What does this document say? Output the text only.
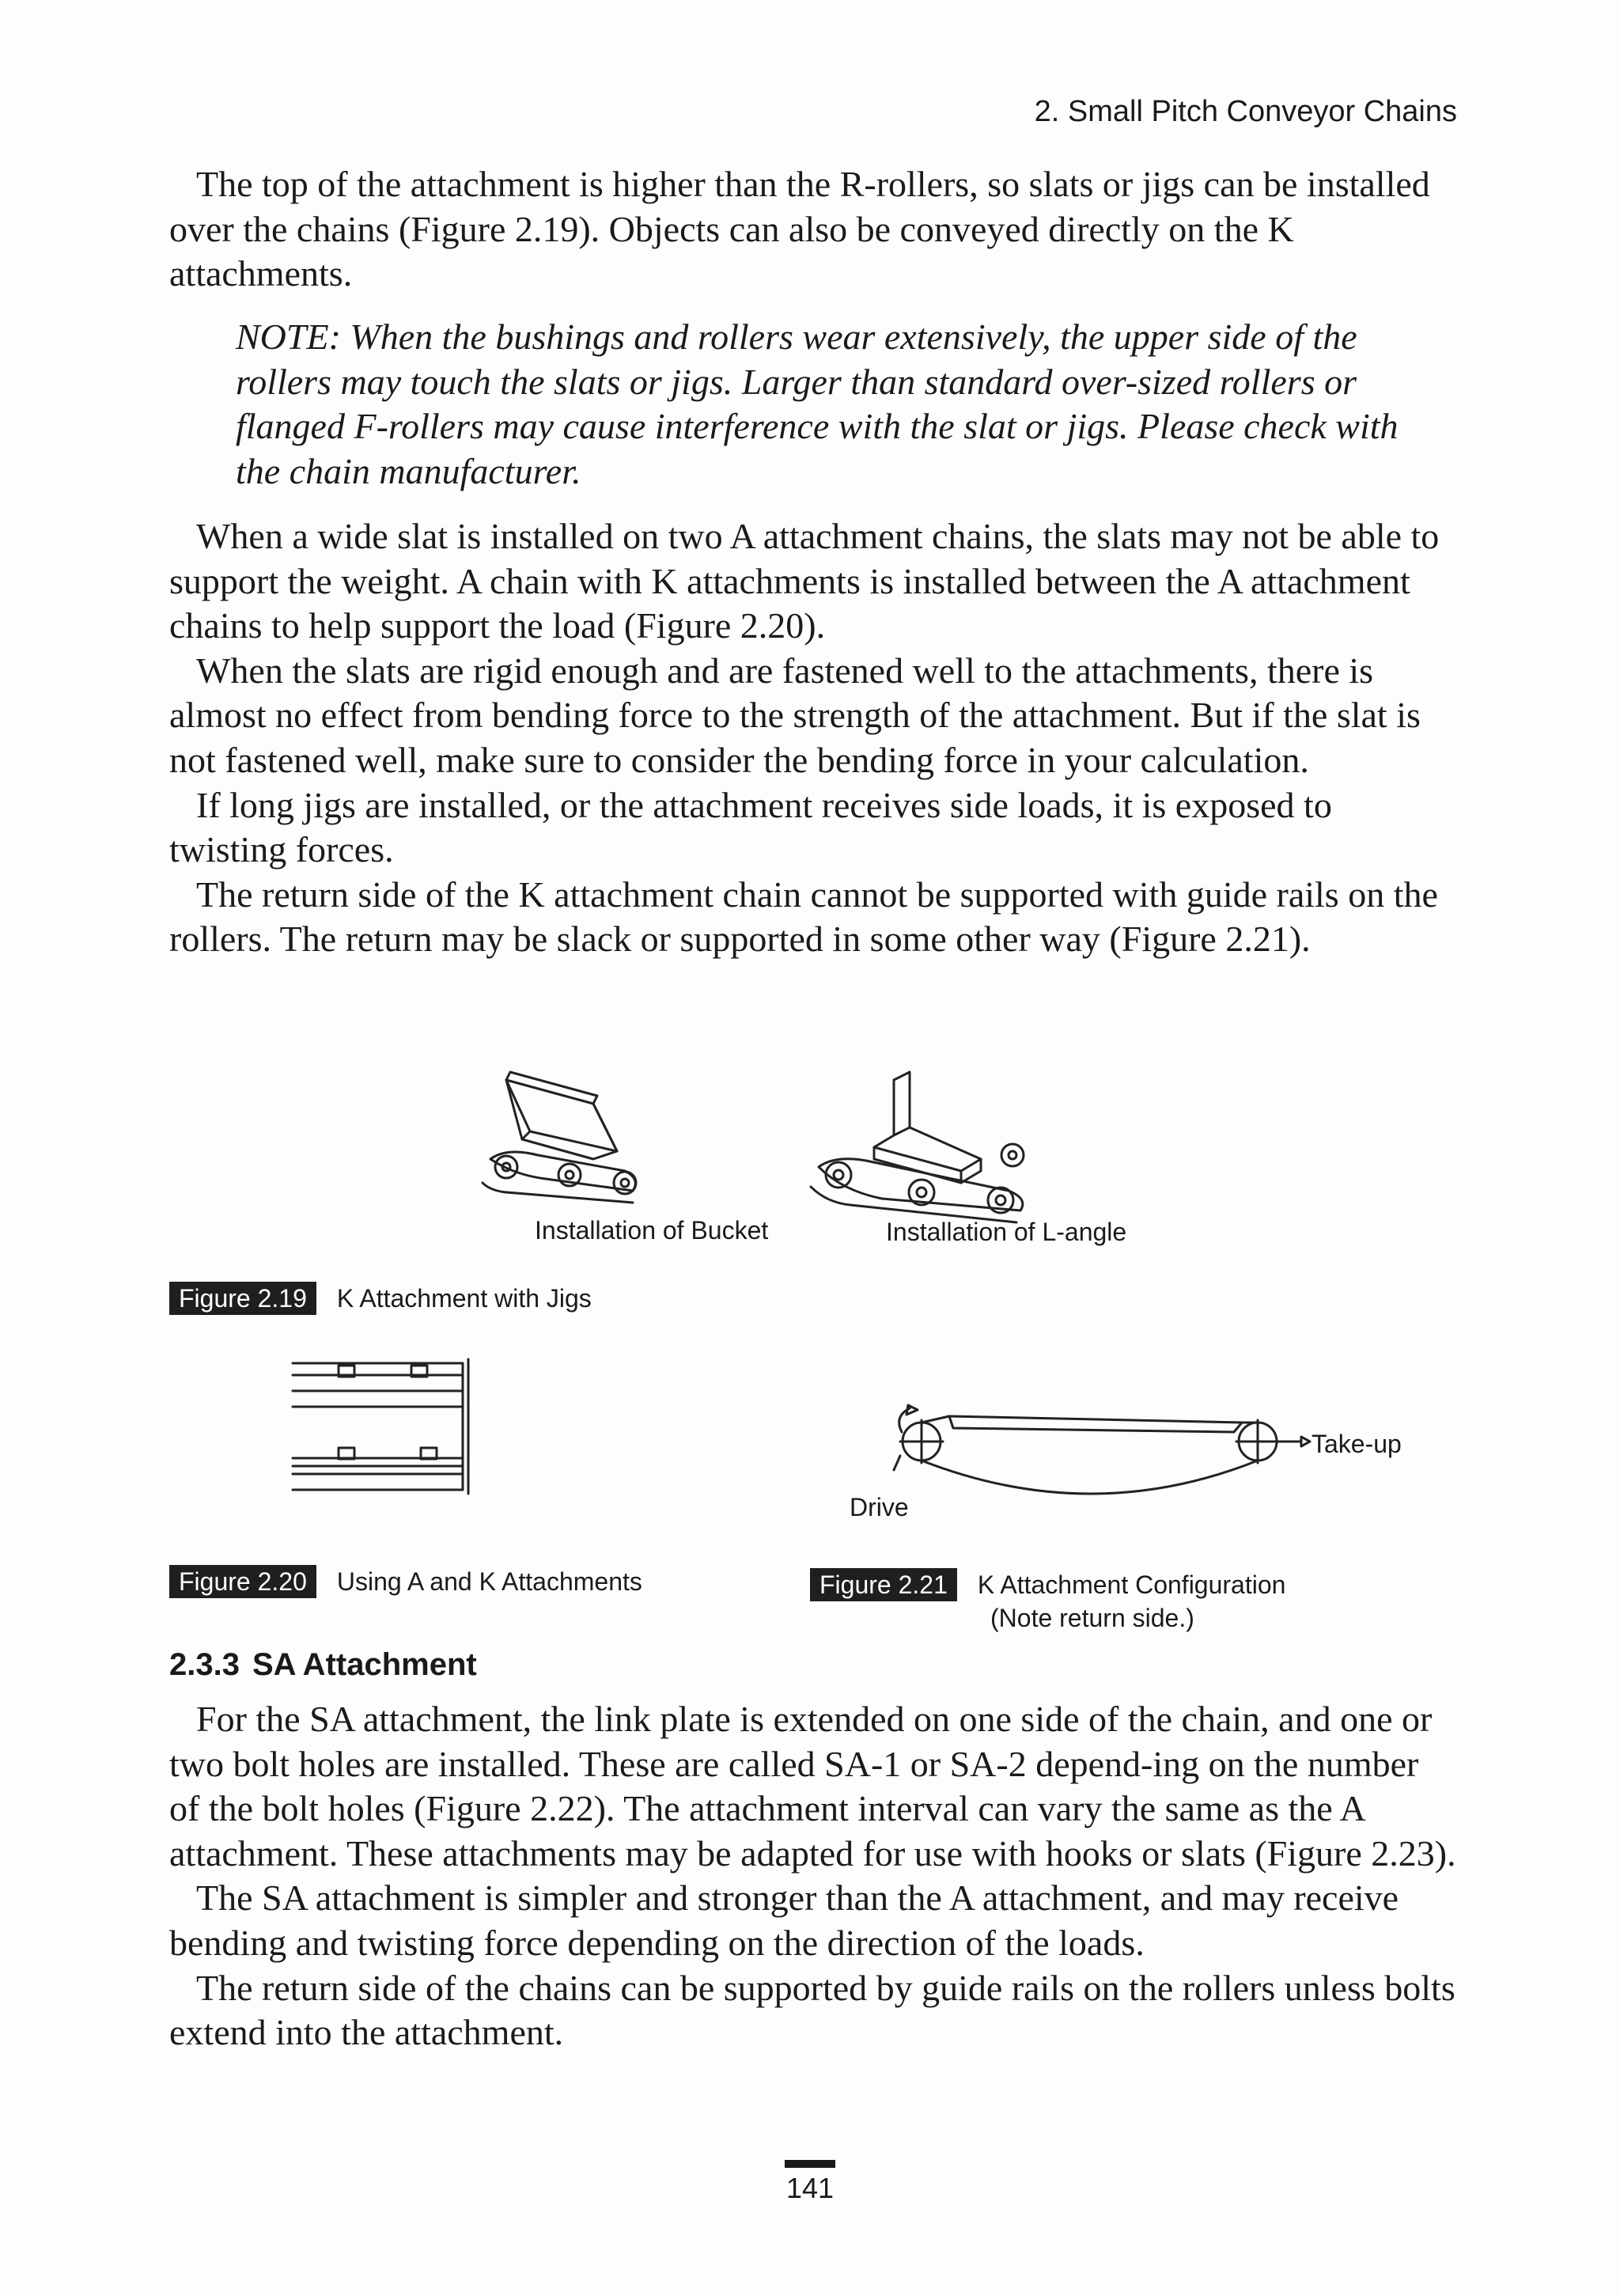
2. Small Pitch Conveyor Chains

The top of the attachment is higher than the R-rollers, so slats or jigs can be installed over the chains (Figure 2.19). Objects can also be conveyed directly on the K attachments.

NOTE: When the bushings and rollers wear extensively, the upper side of the rollers may touch the slats or jigs. Larger than standard over-sized rollers or flanged F-rollers may cause interference with the slat or jigs. Please check with the chain manufacturer.

When a wide slat is installed on two A attachment chains, the slats may not be able to support the weight. A chain with K attachments is installed between the A attachment chains to help support the load (Figure 2.20).

When the slats are rigid enough and are fastened well to the attachments, there is almost no effect from bending force to the strength of the attachment. But if the slat is not fastened well, make sure to consider the bending force in your calculation.

If long jigs are installed, or the attachment receives side loads, it is exposed to twisting forces.

The return side of the K attachment chain cannot be supported with guide rails on the rollers. The return may be slack or supported in some other way (Figure 2.21).

Installation of Bucket	Installation of L-angle
Figure 2.19 K Attachment with Jigs
Drive
Take-up
Figure 2.20 Using A and K Attachments	Figure 2.21 K Attachment Configuration
(Note return side.)
2.3.3 SA Attachment

For the SA attachment, the link plate is extended on one side of the chain, and one or two bolt holes are installed. These are called SA-1 or SA-2 depend-ing on the number of the bolt holes (Figure 2.22). The attachment interval can vary the same as the A attachment. These attachments may be adapted for use with hooks or slats (Figure 2.23).

The SA attachment is simpler and stronger than the A attachment, and may receive bending and twisting force depending on the direction of the loads.

The return side of the chains can be supported by guide rails on the rollers unless bolts extend into the attachment.

141
